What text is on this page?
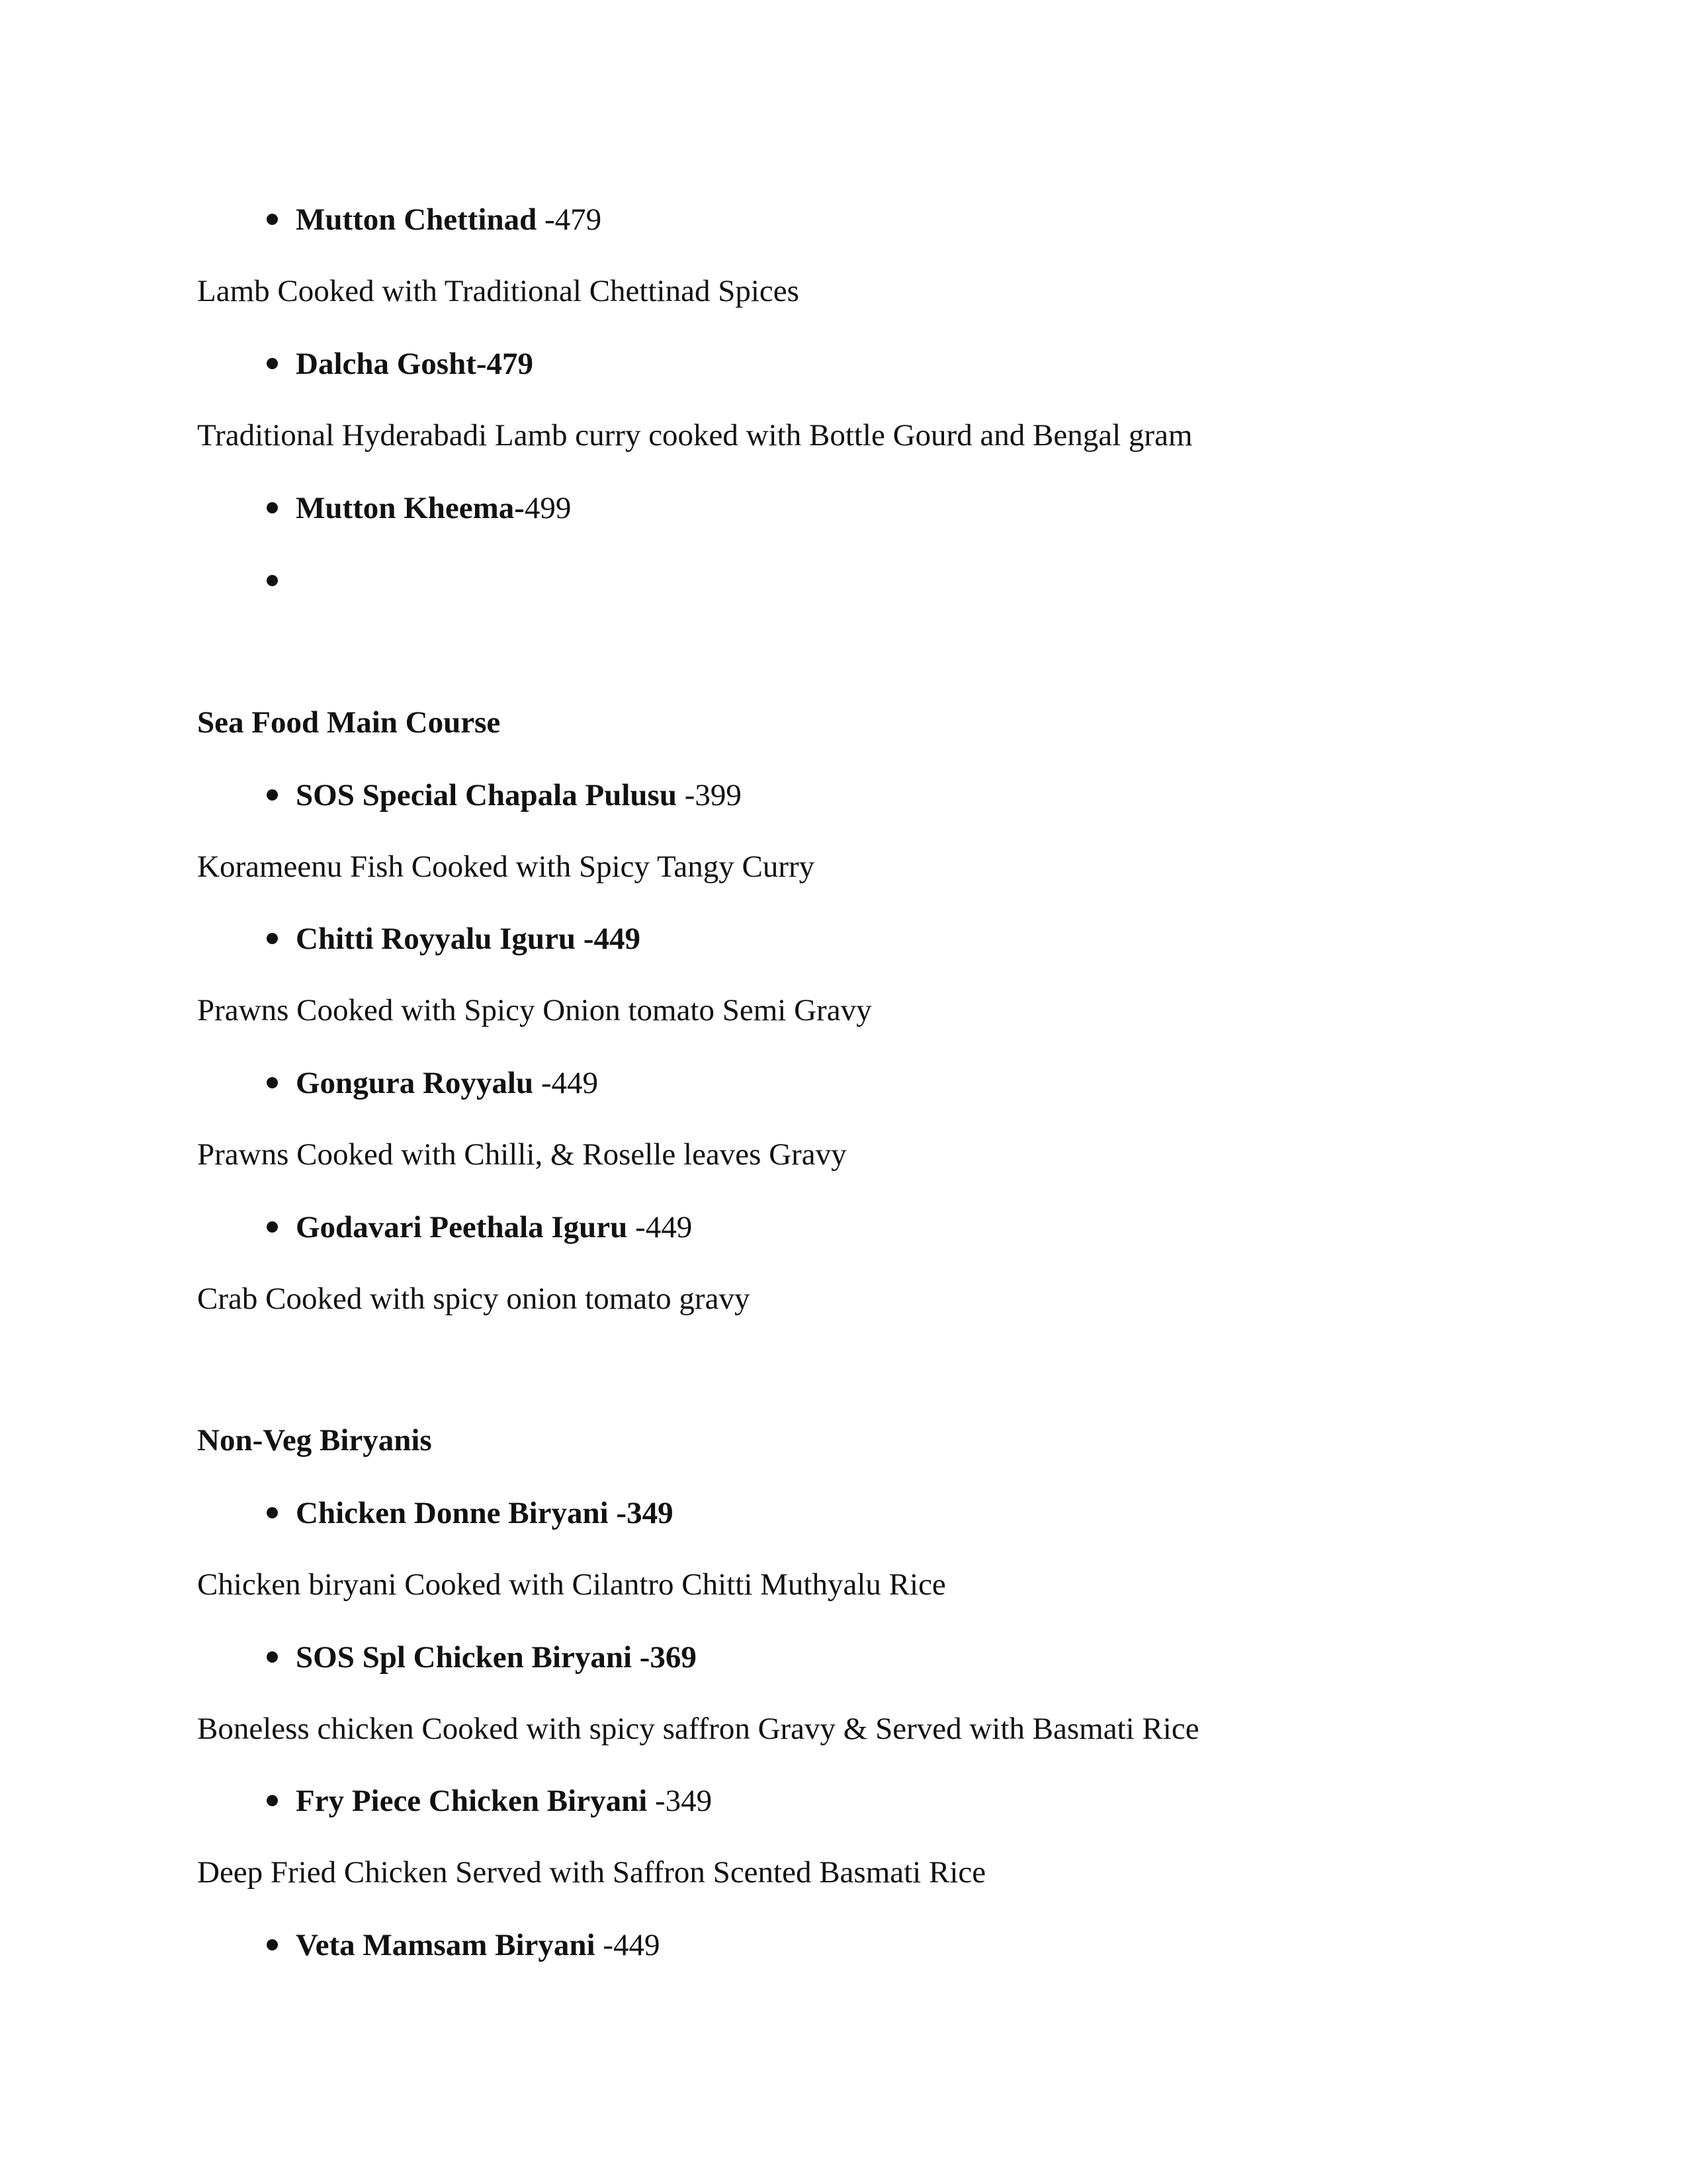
Mutton Chettinad -479
Lamb Cooked with Traditional Chettinad Spices
Dalcha Gosht-479
Traditional Hyderabadi Lamb curry cooked with Bottle Gourd and Bengal gram
Mutton Kheema-499
Sea Food Main Course
SOS Special Chapala Pulusu -399
Korameenu Fish Cooked with Spicy Tangy Curry
Chitti Royyalu Iguru -449
Prawns Cooked with Spicy Onion tomato Semi Gravy
Gongura Royyalu -449
Prawns Cooked with Chilli, & Roselle leaves Gravy
Godavari Peethala Iguru -449
Crab Cooked with spicy onion tomato gravy
Non-Veg Biryanis
Chicken Donne Biryani -349
Chicken biryani Cooked with Cilantro Chitti Muthyalu Rice
SOS Spl Chicken Biryani -369
Boneless chicken Cooked with spicy saffron Gravy & Served with Basmati Rice
Fry Piece Chicken Biryani -349
Deep Fried Chicken Served with Saffron Scented Basmati Rice
Veta Mamsam Biryani -449
